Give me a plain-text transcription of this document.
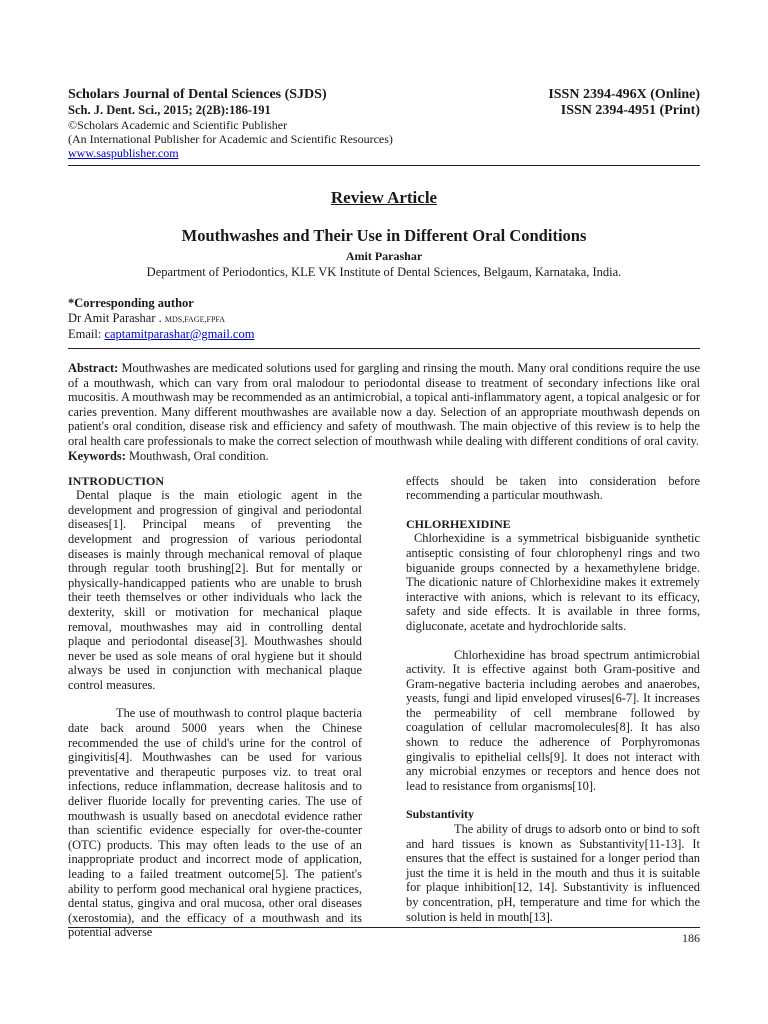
Scholars Journal of Dental Sciences (SJDS)	ISSN 2394-496X (Online)
Sch. J. Dent. Sci., 2015; 2(2B):186-191	ISSN 2394-4951 (Print)
©Scholars Academic and Scientific Publisher
(An International Publisher for Academic and Scientific Resources)
www.saspublisher.com
Review Article
Mouthwashes and Their Use in Different Oral Conditions
Amit Parashar
Department of Periodontics, KLE VK Institute of Dental Sciences, Belgaum, Karnataka, India.
*Corresponding author
Dr Amit Parashar . MDS,FAGE,FPFA
Email: captamitparashar@gmail.com
Abstract: Mouthwashes are medicated solutions used for gargling and rinsing the mouth. Many oral conditions require the use of a mouthwash, which can vary from oral malodour to periodontal disease to treatment of secondary infections like oral mucositis. A mouthwash may be recommended as an antimicrobial, a topical anti-inflammatory agent, a topical analgesic or for caries prevention. Many different mouthwashes are available now a day. Selection of an appropriate mouthwash depends on patient's oral condition, disease risk and efficiency and safety of mouthwash. The main objective of this review is to help the oral health care professionals to make the correct selection of mouthwash while dealing with different conditions of oral cavity.
Keywords: Mouthwash, Oral condition.

INTRODUCTION

Dental plaque is the main etiologic agent in the development and progression of gingival and periodontal diseases[1]. Principal means of preventing the development and progression of various periodontal diseases is mainly through mechanical removal of plaque through regular tooth brushing[2]. But for mentally or physically-handicapped patients who are unable to brush their teeth themselves or other individuals who lack the dexterity, skill or motivation for mechanical plaque removal, mouthwashes may aid in controlling dental plaque and periodontal disease[3]. Mouthwashes should never be used as sole means of oral hygiene but it should always be used in conjunction with mechanical plaque control measures.

The use of mouthwash to control plaque bacteria date back around 5000 years when the Chinese recommended the use of child's urine for the control of gingivitis[4]. Mouthwashes can be used for various preventative and therapeutic purposes viz. to treat oral infections, reduce inflammation, decrease halitosis and to deliver fluoride locally for preventing caries. The use of mouthwash is usually based on anecdotal evidence rather than scientific evidence especially for over-the-counter (OTC) products. This may often leads to the use of an inappropriate product and incorrect mode of application, leading to a failed treatment outcome[5]. The patient's ability to perform good mechanical oral hygiene practices, dental status, gingiva and oral mucosa, other oral diseases (xerostomia), and the efficacy of a mouthwash and its potential adverse

effects should be taken into consideration before recommending a particular mouthwash.

CHLORHEXIDINE

Chlorhexidine is a symmetrical bisbiguanide synthetic antiseptic consisting of four chlorophenyl rings and two biguanide groups connected by a hexamethylene bridge. The dicationic nature of Chlorhexidine makes it extremely interactive with anions, which is relevant to its efficacy, safety and side effects. It is available in three forms, digluconate, acetate and hydrochloride salts.

Chlorhexidine has broad spectrum antimicrobial activity. It is effective against both Gram-positive and Gram-negative bacteria including aerobes and anaerobes, yeasts, fungi and lipid enveloped viruses[6-7]. It increases the permeability of cell membrane followed by coagulation of cellular macromolecules[8]. It has also shown to reduce the adherence of Porphyromonas gingivalis to epithelial cells[9]. It does not interact with any microbial enzymes or receptors and hence does not lead to resistance from organisms[10].

Substantivity

The ability of drugs to adsorb onto or bind to soft and hard tissues is known as Substantivity[11-13]. It ensures that the effect is sustained for a longer period than just the time it is held in the mouth and thus it is suitable for plaque inhibition[12, 14]. Substantivity is influenced by concentration, pH, temperature and time for which the solution is held in mouth[13].

186
